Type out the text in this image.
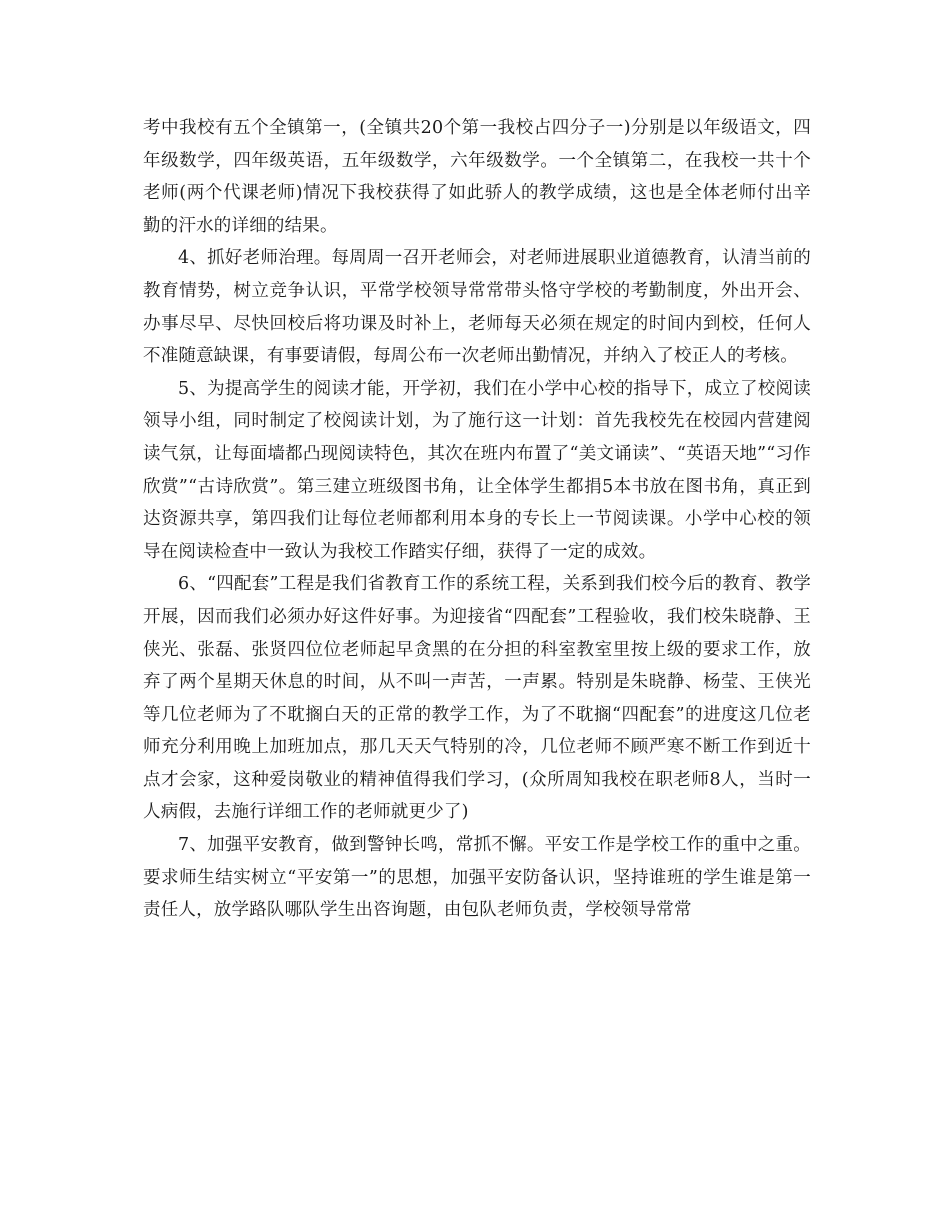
考中我校有五个全镇第一，(全镇共20个第一我校占四分子一)分别是以年级语文，四年级数学，四年级英语，五年级数学，六年级数学。一个全镇第二，在我校一共十个老师(两个代课老师)情况下我校获得了如此骄人的教学成绩，这也是全体老师付出辛勤的汗水的详细的结果。

4、抓好老师治理。每周周一召开老师会，对老师进展职业道德教育，认清当前的教育情势，树立竞争认识，平常学校领导常常带头恪守学校的考勤制度，外出开会、办事尽早、尽快回校后将功课及时补上，老师每天必须在规定的时间内到校，任何人不准随意缺课，有事要请假，每周公布一次老师出勤情况，并纳入了校正人的考核。

5、为提高学生的阅读才能，开学初，我们在小学中心校的指导下，成立了校阅读领导小组，同时制定了校阅读计划，为了施行这一计划：首先我校先在校园内营建阅读气氛，让每面墙都凸现阅读特色，其次在班内布置了“美文诵读”、“英语天地”“习作欣赏”“古诗欣赏”。第三建立班级图书角，让全体学生都捐5本书放在图书角，真正到达资源共享，第四我们让每位老师都利用本身的专长上一节阅读课。小学中心校的领导在阅读检查中一致认为我校工作踏实仔细，获得了一定的成效。

6、“四配套”工程是我们省教育工作的系统工程，关系到我们校今后的教育、教学开展，因而我们必须办好这件好事。为迎接省“四配套”工程验收，我们校朱晓静、王侠光、张磊、张贤四位位老师起早贪黑的在分担的科室教室里按上级的要求工作，放弃了两个星期天休息的时间，从不叫一声苦，一声累。特别是朱晓静、杨莹、王侠光等几位老师为了不耽搁白天的正常的教学工作，为了不耽搁“四配套”的进度这几位老师充分利用晚上加班加点，那几天天气特别的冷，几位老师不顾严寒不断工作到近十点才会家，这种爱岗敬业的精神值得我们学习，(众所周知我校在职老师8人，当时一人病假，去施行详细工作的老师就更少了)

7、加强平安教育，做到警钟长鸣，常抓不懈。平安工作是学校工作的重中之重。要求师生结实树立“平安第一”的思想，加强平安防备认识，坚持谁班的学生谁是第一责任人，放学路队哪队学生出咨询题，由包队老师负责，学校领导常常
